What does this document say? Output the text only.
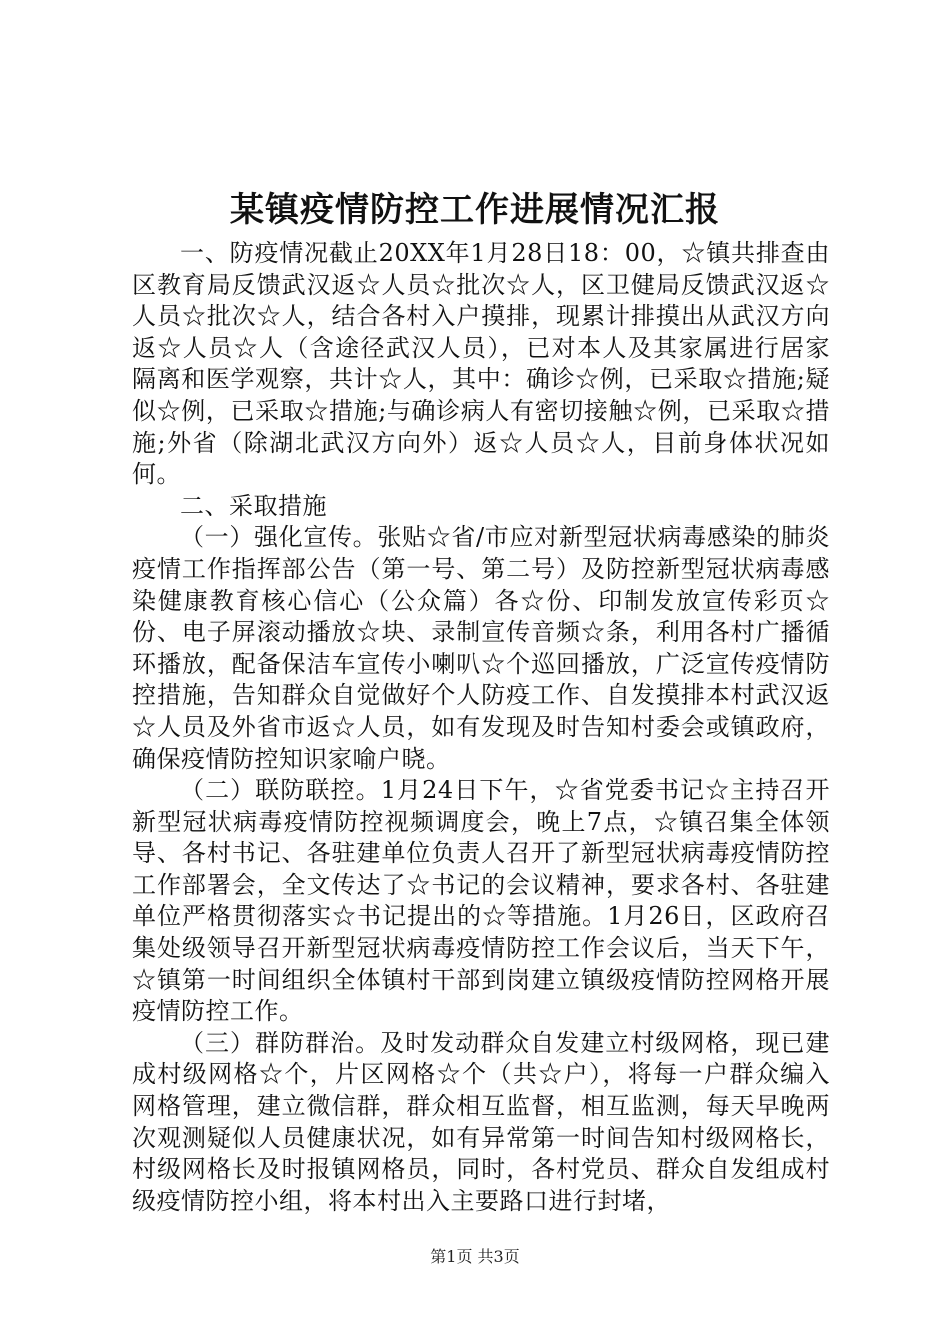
某镇疫情防控工作进展情况汇报

一、防疫情况截止20XX年1月28日18：00，☆镇共排查由区教育局反馈武汉返☆人员☆批次☆人，区卫健局反馈武汉返☆人员☆批次☆人，结合各村入户摸排，现累计排摸出从武汉方向返☆人员☆人（含途径武汉人员），已对本人及其家属进行居家隔离和医学观察，共计☆人，其中：确诊☆例，已采取☆措施;疑似☆例，已采取☆措施;与确诊病人有密切接触☆例，已采取☆措施;外省（除湖北武汉方向外）返☆人员☆人，目前身体状况如何。

二、采取措施

（一）强化宣传。张贴☆省/市应对新型冠状病毒感染的肺炎疫情工作指挥部公告（第一号、第二号）及防控新型冠状病毒感染健康教育核心信心（公众篇）各☆份、印制发放宣传彩页☆份、电子屏滚动播放☆块、录制宣传音频☆条，利用各村广播循环播放，配备保洁车宣传小喇叭☆个巡回播放，广泛宣传疫情防控措施，告知群众自觉做好个人防疫工作、自发摸排本村武汉返☆人员及外省市返☆人员，如有发现及时告知村委会或镇政府，确保疫情防控知识家喻户晓。

（二）联防联控。1月24日下午，☆省党委书记☆主持召开新型冠状病毒疫情防控视频调度会，晚上7点，☆镇召集全体领导、各村书记、各驻建单位负责人召开了新型冠状病毒疫情防控工作部署会，全文传达了☆书记的会议精神，要求各村、各驻建单位严格贯彻落实☆书记提出的☆等措施。1月26日，区政府召集处级领导召开新型冠状病毒疫情防控工作会议后，当天下午，☆镇第一时间组织全体镇村干部到岗建立镇级疫情防控网格开展疫情防控工作。

（三）群防群治。及时发动群众自发建立村级网格，现已建成村级网格☆个，片区网格☆个（共☆户），将每一户群众编入网格管理，建立微信群，群众相互监督，相互监测，每天早晚两次观测疑似人员健康状况，如有异常第一时间告知村级网格长，村级网格长及时报镇网格员，同时，各村党员、群众自发组成村级疫情防控小组，将本村出入主要路口进行封堵，

第1页 共3页
